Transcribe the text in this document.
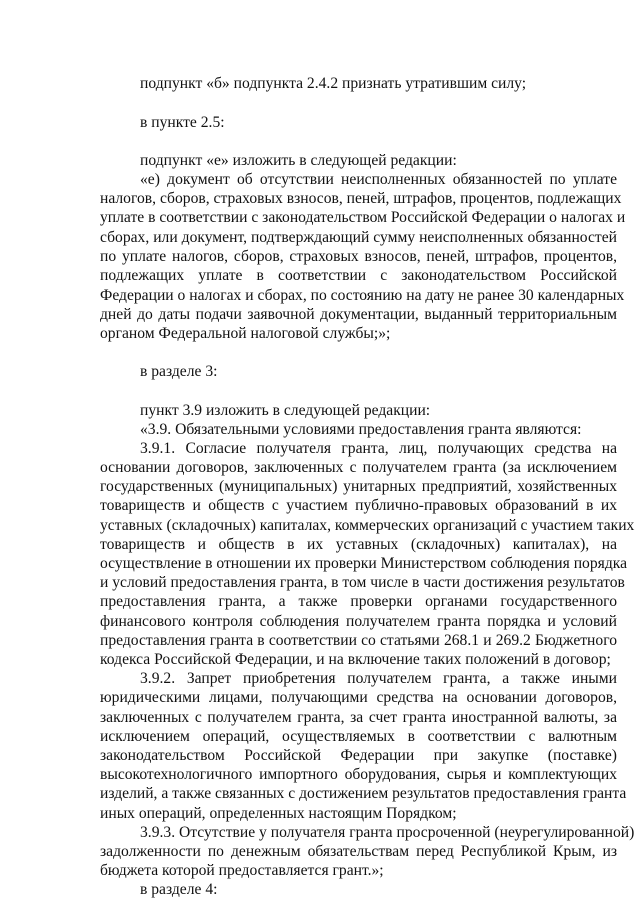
подпункт «б» подпункта 2.4.2 признать утратившим силу;
в пункте 2.5:
подпункт «е» изложить в следующей редакции:
«е) документ об отсутствии неисполненных обязанностей по уплате
налогов, сборов, страховых взносов, пеней, штрафов, процентов, подлежащих
уплате в соответствии с законодательством Российской Федерации о налогах и
сборах, или документ, подтверждающий сумму неисполненных обязанностей
по уплате налогов, сборов, страховых взносов, пеней, штрафов, процентов,
подлежащих уплате в соответствии с законодательством Российской
Федерации о налогах и сборах, по состоянию на дату не ранее 30 календарных
дней до даты подачи заявочной документации, выданный территориальным
органом Федеральной налоговой службы;»;
в разделе 3:
пункт 3.9 изложить в следующей редакции:
«3.9. Обязательными условиями предоставления гранта являются:
3.9.1. Согласие получателя гранта, лиц, получающих средства на
основании договоров, заключенных с получателем гранта (за исключением
государственных (муниципальных) унитарных предприятий, хозяйственных
товариществ и обществ с участием публично-правовых образований в их
уставных (складочных) капиталах, коммерческих организаций с участием таких
товариществ и обществ в их уставных (складочных) капиталах), на
осуществление в отношении их проверки Министерством соблюдения порядка
и условий предоставления гранта, в том числе в части достижения результатов
предоставления гранта, а также проверки органами государственного
финансового контроля соблюдения получателем гранта порядка и условий
предоставления гранта в соответствии со статьями 268.1 и 269.2 Бюджетного
кодекса Российской Федерации, и на включение таких положений в договор;
3.9.2. Запрет приобретения получателем гранта, а также иными
юридическими лицами, получающими средства на основании договоров,
заключенных с получателем гранта, за счет гранта иностранной валюты, за
исключением операций, осуществляемых в соответствии с валютным
законодательством Российской Федерации при закупке (поставке)
высокотехнологичного импортного оборудования, сырья и комплектующих
изделий, а также связанных с достижением результатов предоставления гранта
иных операций, определенных настоящим Порядком;
3.9.3. Отсутствие у получателя гранта просроченной (неурегулированной)
задолженности по денежным обязательствам перед Республикой Крым, из
бюджета которой предоставляется грант.»;
в разделе 4:
